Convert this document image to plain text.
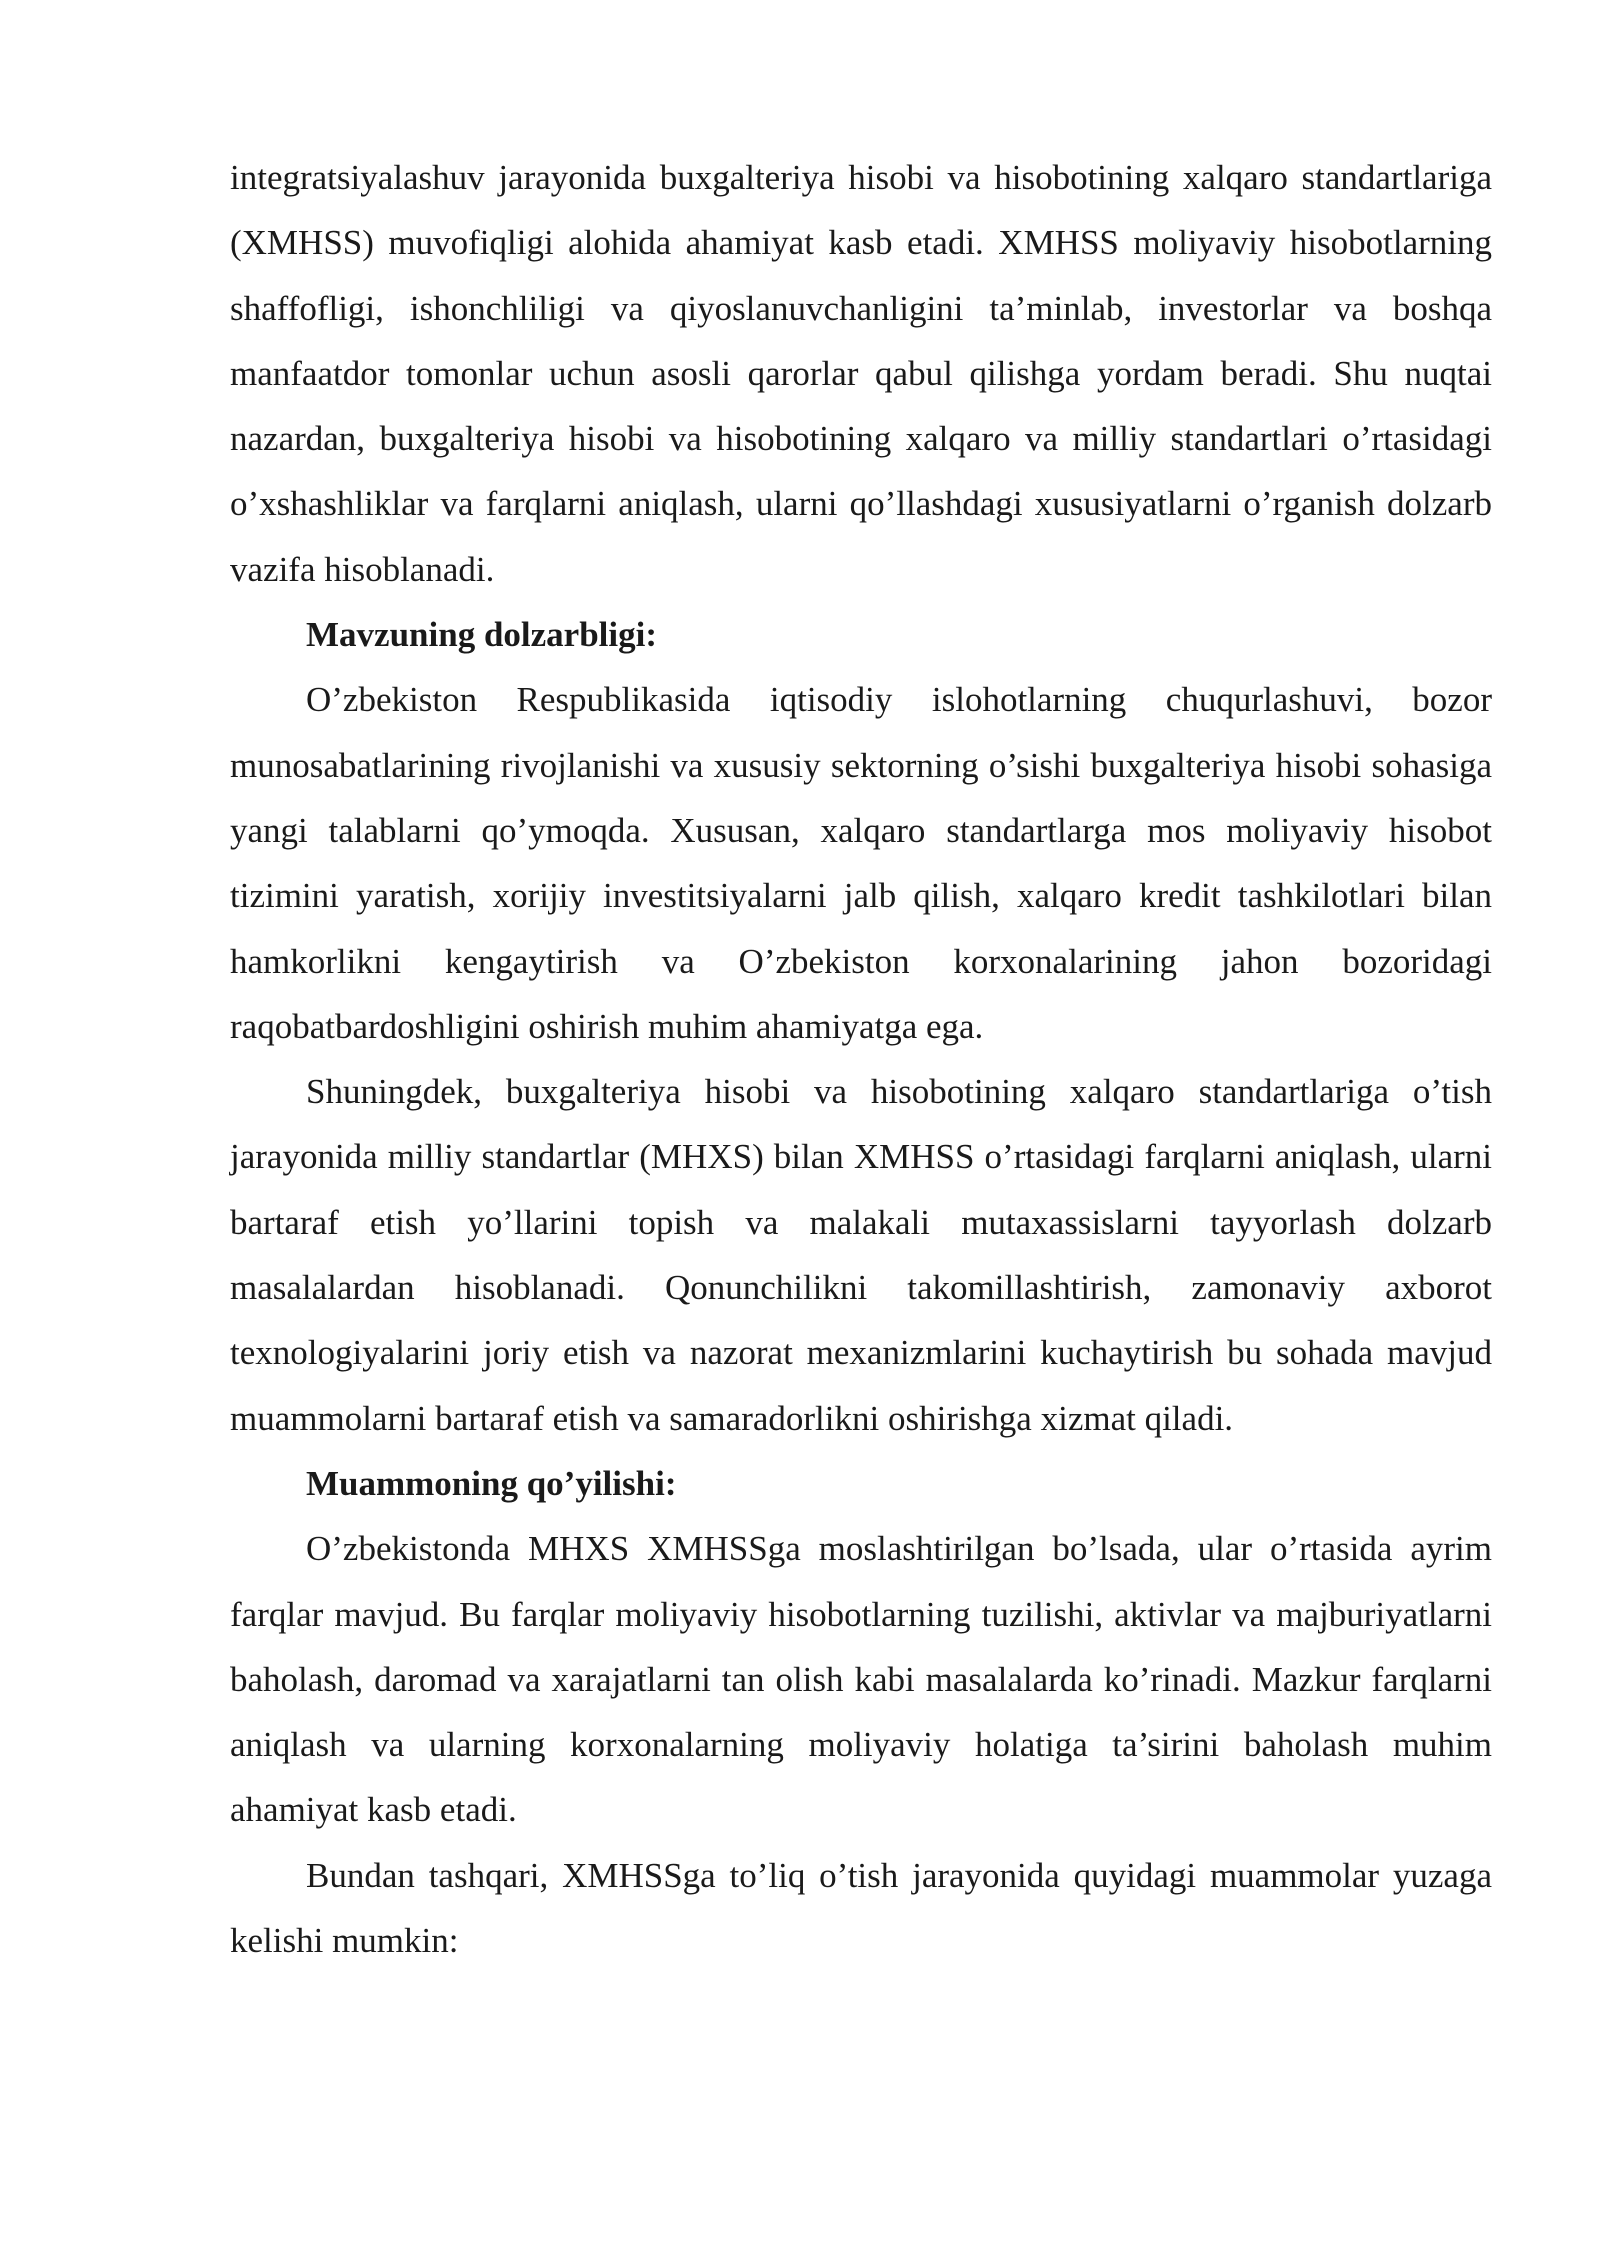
integratsiyalashuv jarayonida buxgalteriya hisobi va hisobotining xalqaro standartlariga (XMHSS) muvofiqligi alohida ahamiyat kasb etadi. XMHSS moliyaviy hisobotlarning shaffofligi, ishonchliligi va qiyoslanuvchanligini ta’minlab, investorlar va boshqa manfaatdor tomonlar uchun asosli qarorlar qabul qilishga yordam beradi. Shu nuqtai nazardan, buxgalteriya hisobi va hisobotining xalqaro va milliy standartlari o’rtasidagi o’xshashliklar va farqlarni aniqlash, ularni qo’llashdagi xususiyatlarni o’rganish dolzarb vazifa hisoblanadi.

Mavzuning dolzarbligi:

O’zbekiston Respublikasida iqtisodiy islohotlarning chuqurlashuvi, bozor munosabatlarining rivojlanishi va xususiy sektorning o’sishi buxgalteriya hisobi sohasiga yangi talablarni qo’ymoqda. Xususan, xalqaro standartlarga mos moliyaviy hisobot tizimini yaratish, xorijiy investitsiyalarni jalb qilish, xalqaro kredit tashkilotlari bilan hamkorlikni kengaytirish va O’zbekiston korxonalarining jahon bozoridagi raqobatbardoshligini oshirish muhim ahamiyatga ega.

Shuningdek, buxgalteriya hisobi va hisobotining xalqaro standartlariga o’tish jarayonida milliy standartlar (MHXS) bilan XMHSS o’rtasidagi farqlarni aniqlash, ularni bartaraf etish yo’llarini topish va malakali mutaxassislarni tayyorlash dolzarb masalalardan hisoblanadi. Qonunchilikni takomillashtirish, zamonaviy axborot texnologiyalarini joriy etish va nazorat mexanizmlarini kuchaytirish bu sohada mavjud muammolarni bartaraf etish va samaradorlikni oshirishga xizmat qiladi.

Muammoning qo’yilishi:

O’zbekistonda MHXS XMHSSga moslashtirilgan bo’lsada, ular o’rtasida ayrim farqlar mavjud. Bu farqlar moliyaviy hisobotlarning tuzilishi, aktivlar va majburiyatlarni baholash, daromad va xarajatlarni tan olish kabi masalalarda ko’rinadi. Mazkur farqlarni aniqlash va ularning korxonalarning moliyaviy holatiga ta’sirini baholash muhim ahamiyat kasb etadi.

Bundan tashqari, XMHSSga to’liq o’tish jarayonida quyidagi muammolar yuzaga kelishi mumkin:
